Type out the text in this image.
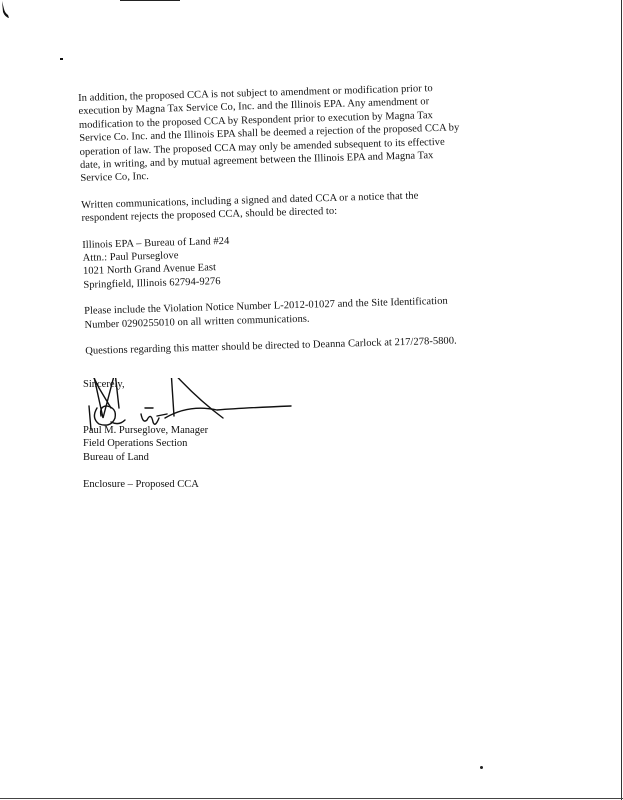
In addition, the proposed CCA is not subject to amendment or modification prior to
execution by Magna Tax Service Co, Inc. and the Illinois EPA. Any amendment or
modification to the proposed CCA by Respondent prior to execution by Magna Tax
Service Co. Inc. and the Illinois EPA shall be deemed a rejection of the proposed CCA by
operation of law. The proposed CCA may only be amended subsequent to its effective
date, in writing, and by mutual agreement between the Illinois EPA and Magna Tax
Service Co, Inc.

Written communications, including a signed and dated CCA or a notice that the
respondent rejects the proposed CCA, should be directed to:

Illinois EPA – Bureau of Land #24
Attn.: Paul Purseglove
1021 North Grand Avenue East
Springfield, Illinois 62794-9276

Please include the Violation Notice Number L-2012-01027 and the Site Identification
Number 0290255010 on all written communications.

Questions regarding this matter should be directed to Deanna Carlock at 217/278-5800.

Sincerely,
Paul M. Purseglove, Manager
Field Operations Section
Bureau of Land
Enclosure – Proposed CCA
